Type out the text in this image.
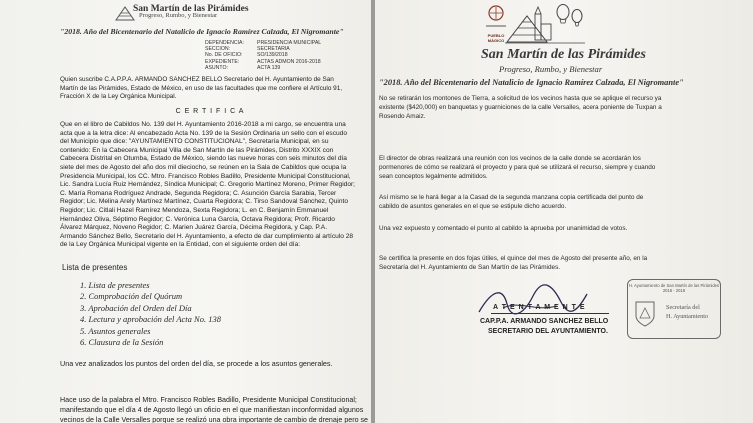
San Martín de las Pirámides
Progreso, Rumbo, y Bienestar
"2018. Año del Bicentenario del Natalicio de Ignacio Ramírez Calzada, El Nigromante"
DEPENDENCIA:
SECCION:
No. DE OFICIO:
EXPEDIENTE:
ASUNTO:
PRESIDENCIA MUNICIPAL
SECRETARIA
SO/139/2018
ACTAS ADMON 2016-2018
ACTA 139
Quien suscribe C.A.P.P.A. ARMANDO SANCHEZ BELLO Secretario del H. Ayuntamiento de San
Martín de las Pirámides, Estado de México, en uso de las facultades que me confiere el Artículo 91,
Fracción X de la Ley Orgánica Municipal.
C E R T I F I C A
Que en el libro de Cabildos No. 139 del H. Ayuntamiento 2016-2018 a mi cargo, se encuentra una
acta que a la letra dice: Al encabezado Acta No. 139 de la Sesión Ordinaria un sello con el escudo
del Municipio que dice: "AYUNTAMIENTO CONSTITUCIONAL", Secretaría Municipal, en su
contenido: En la Cabecera Municipal Villa de San Martín de las Pirámides, Distrito XXXIX con
Cabecera Distrital en Otumba, Estado de México, siendo las nueve horas con seis minutos del día
siete del mes de Agosto del año dos mil dieciocho, se reúnen en la Sala de Cabildos que ocupa la
Presidencia Municipal, los CC. Mtro. Francisco Robles Badillo, Presidente Municipal Constitucional,
Lic. Sandra Lucía Ruiz Hernández, Síndica Municipal; C. Gregorio Martínez Moreno, Primer Regidor;
C. María Romana Rodríguez Andrade, Segunda Regidora; C. Asunción García Sarabia, Tercer
Regidor; Lic. Melina Arely Martínez Martínez, Cuarta Regidora; C. Tirso Sandoval Sánchez, Quinto
Regidor; Lic. Citlali Hazel Ramírez Mendoza, Sexta Regidora; L. en C. Benjamín Emmanuel
Hernández Oliva, Séptimo Regidor; C. Verónica Luna García, Octava Regidora; Profr. Ricardo
Álvarez Márquez, Noveno Regidor; C. Marien Juárez García, Décima Regidora, y Cap. P.A.
Armando Sánchez Bello, Secretario del H. Ayuntamiento, a efecto de dar cumplimiento al artículo 28
de la Ley Orgánica Municipal vigente en la Entidad, con el siguiente orden del día:
Lista de presentes
1. Lista de presentes
2. Comprobación del Quórum
3. Aprobación del Orden del Día
4. Lectura y aprobación del Acta No. 138
5. Asuntos generales
6. Clausura de la Sesión
Una vez analizados los puntos del orden del día, se procede a los asuntos generales.
Hace uso de la palabra el Mtro. Francisco Robles Badillo, Presidente Municipal Constitucional;
manifestando que el día 4 de Agosto llegó un oficio en el que manifiestan inconformidad algunos
vecinos de la Calle Versalles porque se realizó una obra importante de cambio de drenaje pero se
PUEBLO MÁGICO
San Martín de las Pirámides
Progreso, Rumbo, y Bienestar
"2018. Año del Bicentenario del Natalicio de Ignacio Ramírez Calzada, El Nigromante"
No se retirarán los montones de Tierra, a solicitud de los vecinos hasta que se aplique el recurso ya
existente ($420,000) en banquetas y guarniciones de la calle Versalles, acera poniente de Tuxpan a
Rosendo Amaiz.
El director de obras realizará una reunión con los vecinos de la calle donde se acordarán los
pormenores de cómo se realizará el proyecto y para qué se utilizará el recurso, siempre y cuando
sean conceptos legalmente admitidos.
Así mismo se le hará llegar a la Casad de la segunda manzana copia certificada del punto de
cabildo de asuntos generales en el que se estipule dicho acuerdo.
Una vez expuesto y comentado el punto al cabildo la aprueba por unanimidad de votos.
Se certifica la presente en dos fojas útiles, el quince del mes de Agosto del presente año, en la
Secretaría del H. Ayuntamiento de San Martín de las Pirámides.
A T E N T A M E N T E
CAP.P.A. ARMANDO SANCHEZ BELLO
SECRETARIO DEL AYUNTAMIENTO.
H. Ayuntamiento de San Martín de las Pirámides
2016 - 2018
Secretaría del
H. Ayuntamiento
